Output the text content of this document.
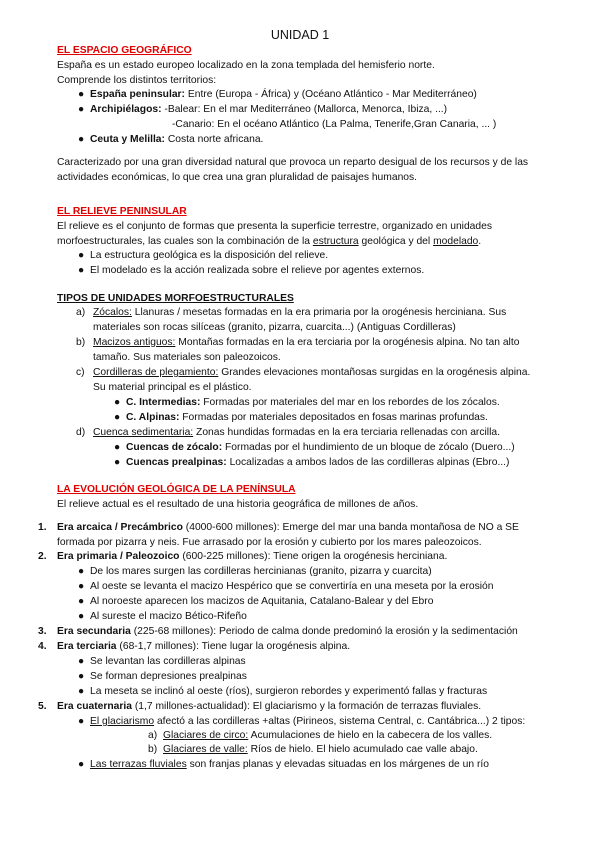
UNIDAD 1
EL ESPACIO GEOGRÁFICO
España es un estado europeo localizado en la zona templada del hemisferio norte.
Comprende los distintos territorios:
● España peninsular: Entre (Europa - África) y (Océano Atlántico - Mar Mediterráneo)
● Archipiélagos: -Balear: En el mar Mediterráneo (Mallorca, Menorca, Ibiza, ...)
-Canario: En el océano Atlántico (La Palma, Tenerife,Gran Canaria, ... )
● Ceuta y Melilla: Costa norte africana.
Caracterizado por una gran diversidad natural que provoca un reparto desigual de los recursos y de las
actividades económicas, lo que crea una gran pluralidad de paisajes humanos.
EL RELIEVE PENINSULAR
El relieve es el conjunto de formas que presenta la superficie terrestre, organizado en unidades
morfoestructurales, las cuales son la combinación de la estructura geológica y del modelado.
● La estructura geológica es la disposición del relieve.
● El modelado es la acción realizada sobre el relieve por agentes externos.
TIPOS DE UNIDADES MORFOESTRUCTURALES
a) Zócalos: Llanuras / mesetas formadas en la era primaria por la orogénesis herciniana. Sus
materiales son rocas silíceas (granito, pizarra, cuarcita...) (Antiguas Cordilleras)
b) Macizos antiguos: Montañas formadas en la era terciaria por la orogénesis alpina. No tan alto
tamaño. Sus materiales son paleozoicos.
c) Cordilleras de plegamiento: Grandes elevaciones montañosas surgidas en la orogénesis alpina.
Su material principal es el plástico.
● C. Intermedias: Formadas por materiales del mar en los rebordes de los zócalos.
● C. Alpinas: Formadas por materiales depositados en fosas marinas profundas.
d) Cuenca sedimentaria: Zonas hundidas formadas en la era terciaria rellenadas con arcilla.
● Cuencas de zócalo: Formadas por el hundimiento de un bloque de zócalo (Duero...)
● Cuencas prealpinas: Localizadas a ambos lados de las cordilleras alpinas (Ebro...)
LA EVOLUCIÓN GEOLÓGICA DE LA PENÍNSULA
El relieve actual es el resultado de una historia geográfica de millones de años.
1. Era arcaica / Precámbrico (4000-600 millones): Emerge del mar una banda montañosa de NO a SE
formada por pizarra y neis. Fue arrasado por la erosión y cubierto por los mares paleozoicos.
2. Era primaria / Paleozoico (600-225 millones): Tiene origen la orogénesis herciniana.
● De los mares surgen las cordilleras hercinianas (granito, pizarra y cuarcita)
● Al oeste se levanta el macizo Hespérico que se convertiría en una meseta por la erosión
● Al noroeste aparecen los macizos de Aquitania, Catalano-Balear y del Ebro
● Al sureste el macizo Bético-Rifeño
3. Era secundaria (225-68 millones): Periodo de calma donde predominó la erosión y la sedimentación
4. Era terciaria (68-1,7 millones): Tiene lugar la orogénesis alpina.
● Se levantan las cordilleras alpinas
● Se forman depresiones prealpinas
● La meseta se inclinó al oeste (ríos), surgieron rebordes y experimentó fallas y fracturas
5. Era cuaternaria (1,7 millones-actualidad): El glaciarismo y la formación de terrazas fluviales.
● El glaciarismo afectó a las cordilleras +altas (Pirineos, sistema Central, c. Cantábrica...) 2 tipos:
a) Glaciares de circo: Acumulaciones de hielo en la cabecera de los valles.
b) Glaciares de valle: Ríos de hielo. El hielo acumulado cae valle abajo.
● Las terrazas fluviales son franjas planas y elevadas situadas en los márgenes de un río
